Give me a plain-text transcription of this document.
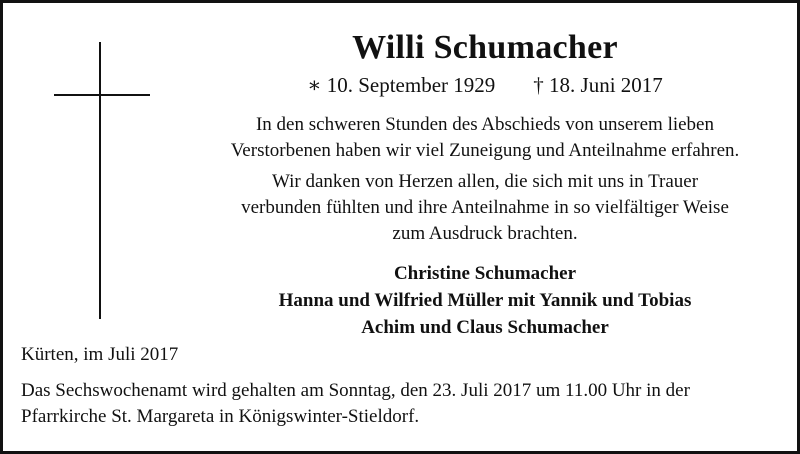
Willi Schumacher
∗ 10. September 1929 † 18. Juni 2017
In den schweren Stunden des Abschieds von unserem lieben
Verstorbenen haben wir viel Zuneigung und Anteilnahme erfahren.
Wir danken von Herzen allen, die sich mit uns in Trauer
verbunden fühlten und ihre Anteilnahme in so vielfältiger Weise
zum Ausdruck brachten.
Christine Schumacher
Hanna und Wilfried Müller mit Yannik und Tobias
Achim und Claus Schumacher
Kürten, im Juli 2017
Das Sechswochenamt wird gehalten am Sonntag, den 23. Juli 2017 um 11.00 Uhr in der
Pfarrkirche St. Margareta in Königswinter-Stieldorf.
